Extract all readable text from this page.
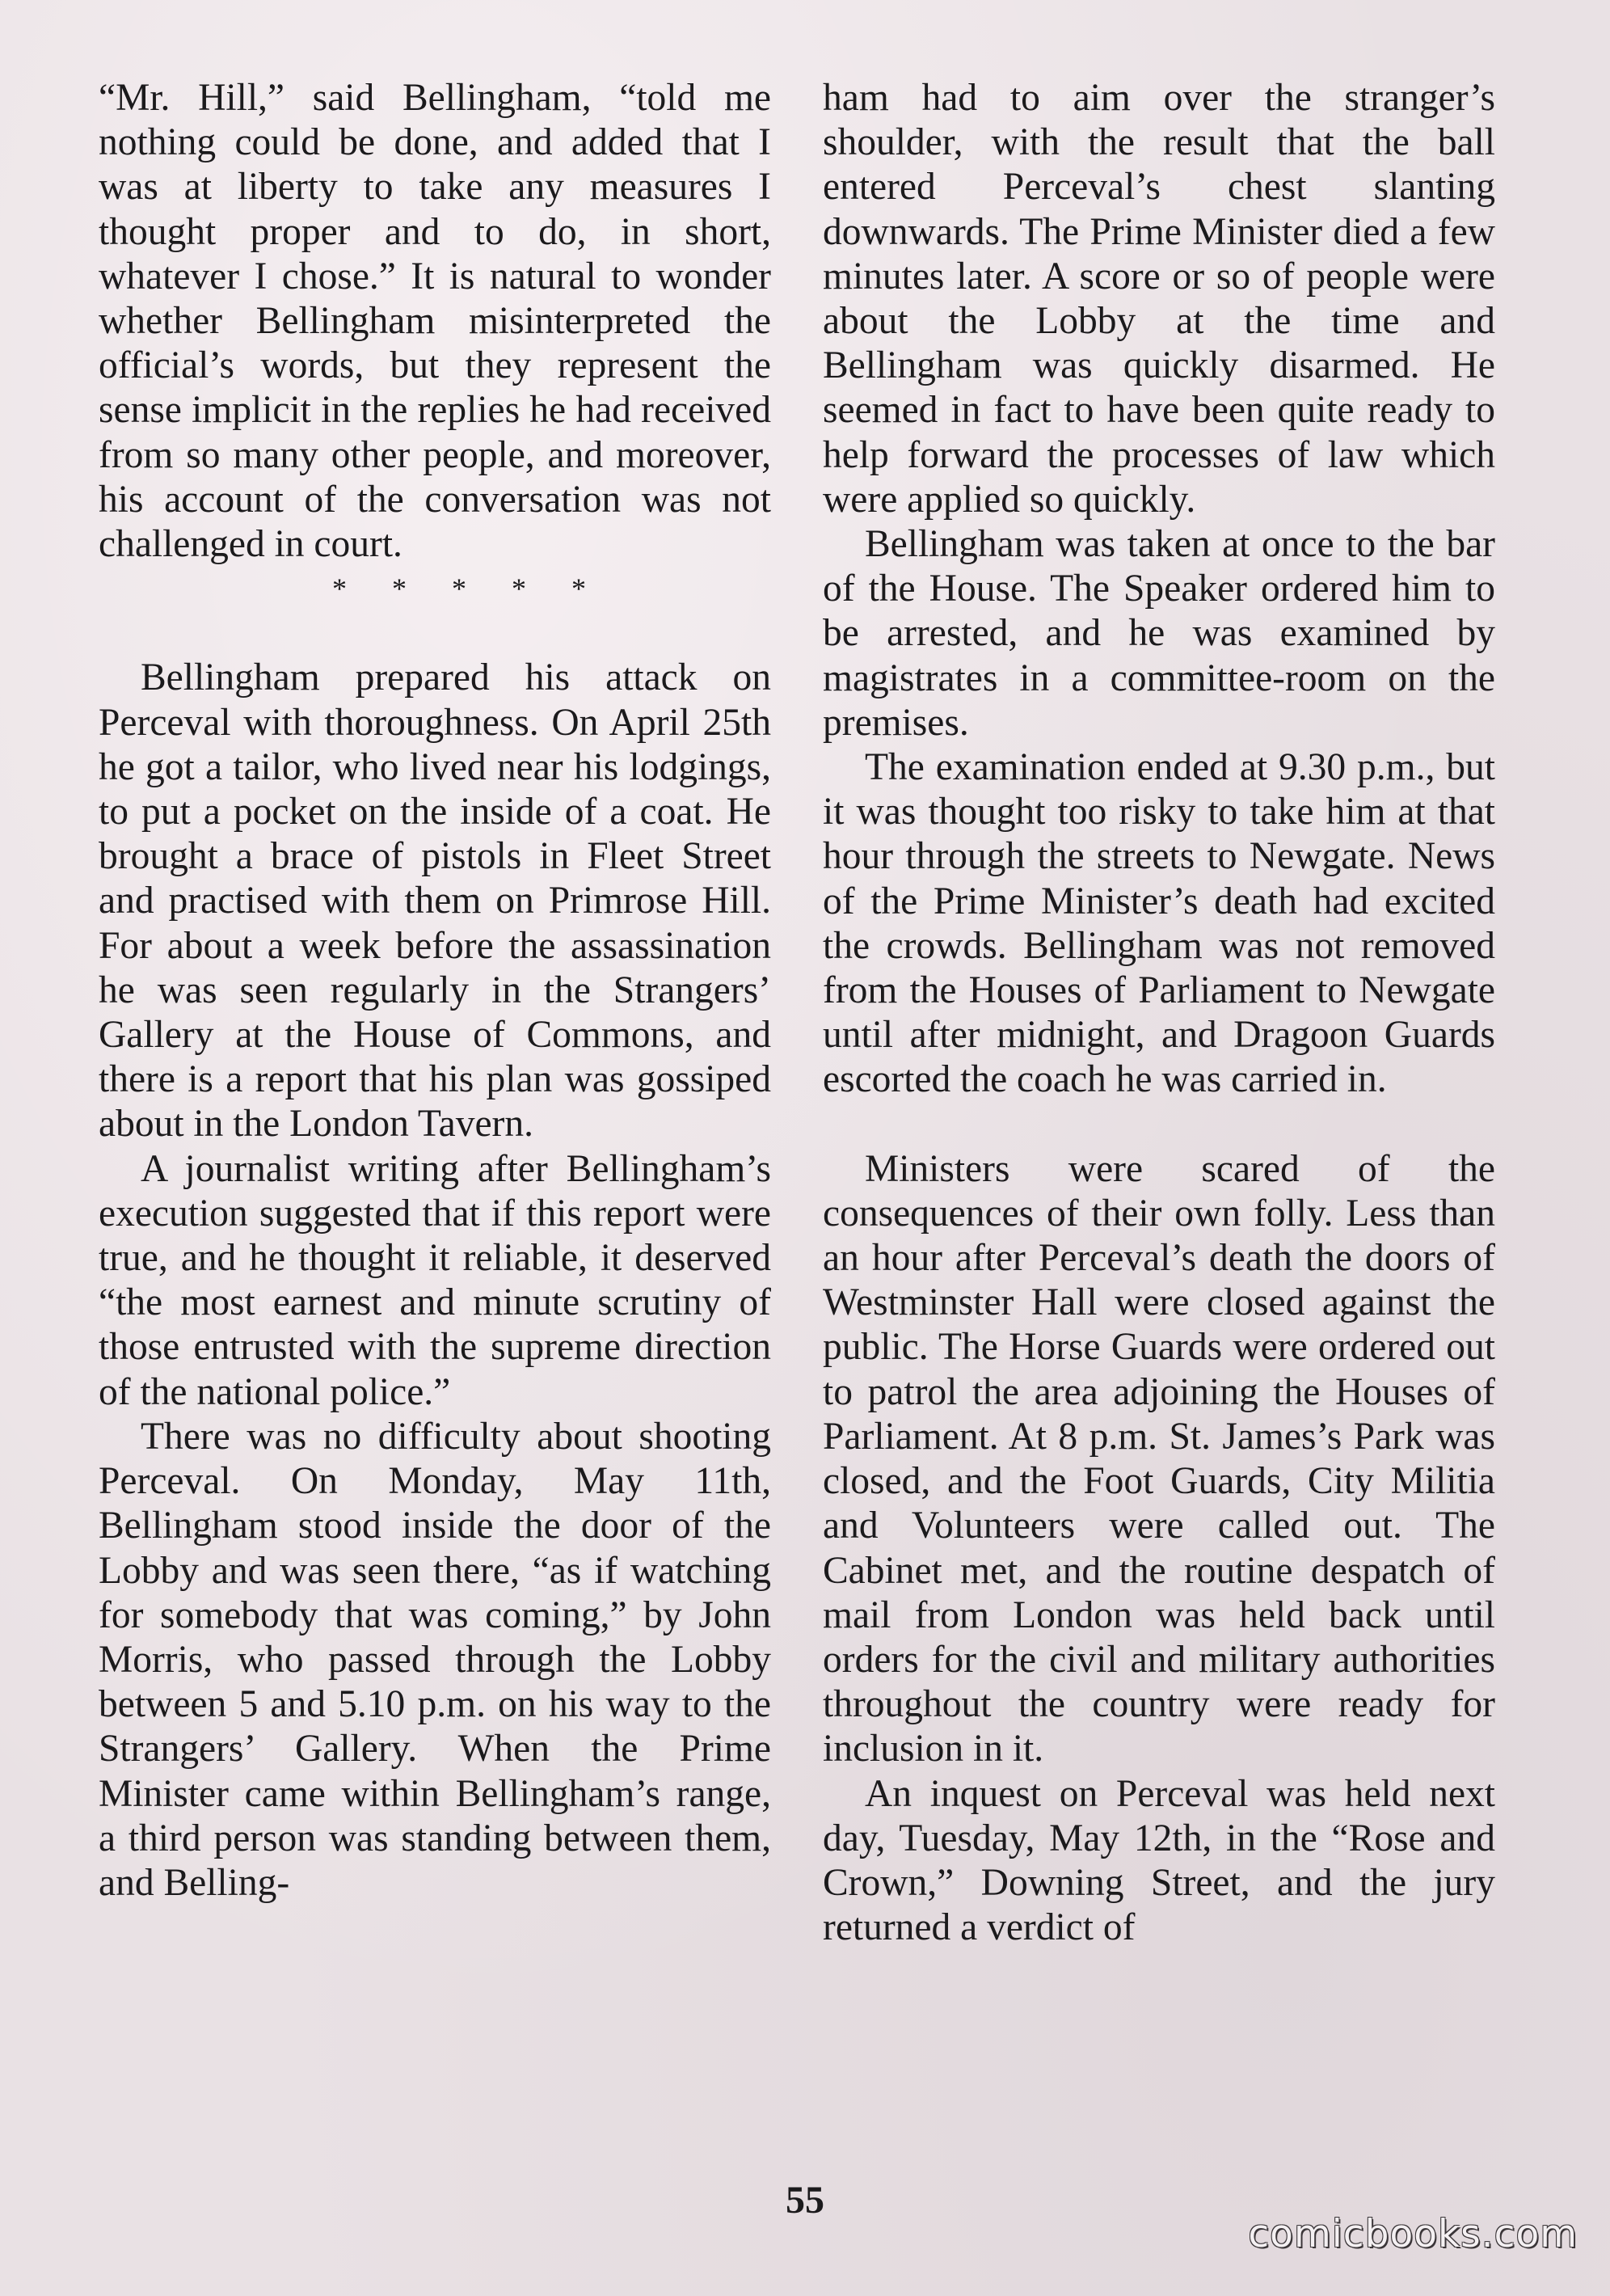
“Mr. Hill,” said Bellingham, “told me nothing could be done, and added that I was at liberty to take any measures I thought proper and to do, in short, whatever I chose.” It is natural to wonder whether Bellingham misinterpreted the official’s words, but they represent the sense implicit in the replies he had received from so many other people, and moreover, his account of the conversation was not challenged in court.

* * * * *

Bellingham prepared his attack on Perceval with thoroughness. On April 25th he got a tailor, who lived near his lodgings, to put a pocket on the inside of a coat. He brought a brace of pistols in Fleet Street and practised with them on Primrose Hill. For about a week before the assassination he was seen regularly in the Strangers’ Gallery at the House of Commons, and there is a report that his plan was gossiped about in the London Tavern.

A journalist writing after Bellingham’s execution suggested that if this report were true, and he thought it reliable, it deserved “the most earnest and minute scrutiny of those entrusted with the supreme direction of the national police.”

There was no difficulty about shooting Perceval. On Monday, May 11th, Bellingham stood inside the door of the Lobby and was seen there, “as if watching for somebody that was coming,” by John Morris, who passed through the Lobby between 5 and 5.10 p.m. on his way to the Strangers’ Gallery. When the Prime Minister came within Bellingham’s range, a third person was standing between them, and Belling-

ham had to aim over the stranger’s shoulder, with the result that the ball entered Perceval’s chest slanting downwards. The Prime Minister died a few minutes later. A score or so of people were about the Lobby at the time and Bellingham was quickly disarmed. He seemed in fact to have been quite ready to help forward the processes of law which were applied so quickly.

Bellingham was taken at once to the bar of the House. The Speaker ordered him to be arrested, and he was examined by magistrates in a committee-room on the premises.

The examination ended at 9.30 p.m., but it was thought too risky to take him at that hour through the streets to Newgate. News of the Prime Minister’s death had excited the crowds. Bellingham was not removed from the Houses of Parliament to Newgate until after midnight, and Dragoon Guards escorted the coach he was carried in.

Ministers were scared of the consequences of their own folly. Less than an hour after Perceval’s death the doors of Westminster Hall were closed against the public. The Horse Guards were ordered out to patrol the area adjoining the Houses of Parliament. At 8 p.m. St. James’s Park was closed, and the Foot Guards, City Militia and Volunteers were called out. The Cabinet met, and the routine despatch of mail from London was held back until orders for the civil and military authorities throughout the country were ready for inclusion in it.

An inquest on Perceval was held next day, Tuesday, May 12th, in the “Rose and Crown,” Downing Street, and the jury returned a verdict of

55
comicbooks.com
